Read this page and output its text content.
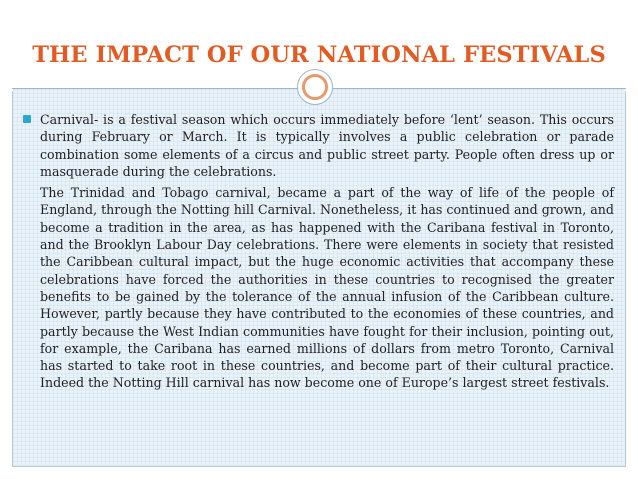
THE IMPACT OF OUR NATIONAL FESTIVALS

Carnival- is a festival season which occurs immediately before ‘lent’ season. This occurs during February or March. It is typically involves a public celebration or parade combination some elements of a circus and public street party. People often dress up or masquerade during the celebrations.

The Trinidad and Tobago carnival, became a part of the way of life of the people of England, through the Notting hill Carnival. Nonetheless, it has continued and grown, and become a tradition in the area, as has happened with the Caribana festival in Toronto, and the Brooklyn Labour Day celebrations. There were elements in society that resisted the Caribbean cultural impact, but the huge economic activities that accompany these celebrations have forced the authorities in these countries to recognised the greater benefits to be gained by the tolerance of the annual infusion of the Caribbean culture. However, partly because they have contributed to the economies of these countries, and partly because the West Indian communities have fought for their inclusion, pointing out, for example, the Caribana has earned millions of dollars from metro Toronto, Carnival has started to take root in these countries, and become part of their cultural practice. Indeed the Notting Hill carnival has now become one of Europe’s largest street festivals.
